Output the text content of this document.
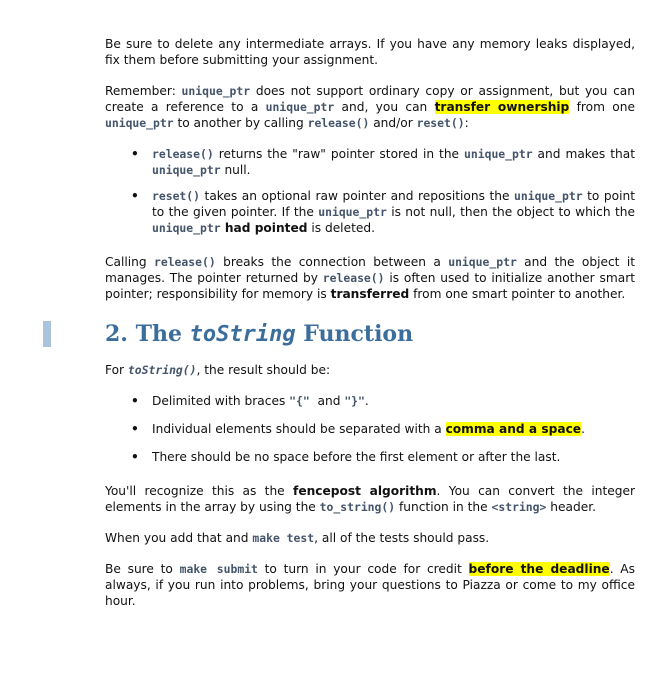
Be sure to delete any intermediate arrays. If you have any memory leaks displayed, fix them before submitting your assignment.

Remember: unique_ptr does not support ordinary copy or assignment, but you can create a reference to a unique_ptr and, you can transfer ownership from one unique_ptr to another by calling release() and/or reset():

• release() returns the "raw" pointer stored in the unique_ptr and makes that unique_ptr null.
• reset() takes an optional raw pointer and repositions the unique_ptr to point to the given pointer. If the unique_ptr is not null, then the object to which the unique_ptr had pointed is deleted.

Calling release() breaks the connection between a unique_ptr and the object it manages. The pointer returned by release() is often used to initialize another smart pointer; responsibility for memory is transferred from one smart pointer to another.

2. The toString Function

For toString(), the result should be:

• Delimited with braces "{"  and "}".
• Individual elements should be separated with a comma and a space.
• There should be no space before the first element or after the last.

You'll recognize this as the fencepost algorithm. You can convert the integer elements in the array by using the to_string() function in the <string> header.

When you add that and make test, all of the tests should pass.

Be sure to make submit to turn in your code for credit before the deadline. As always, if you run into problems, bring your questions to Piazza or come to my office hour.
